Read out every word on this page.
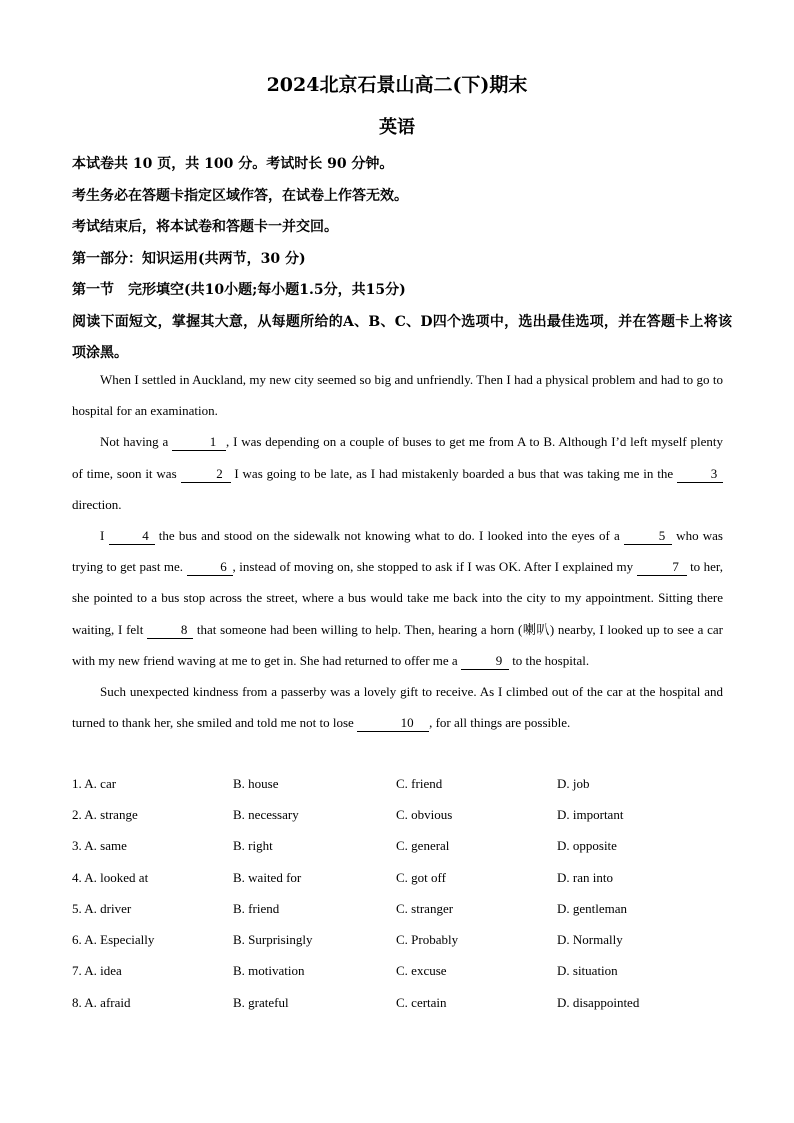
2024北京石景山高二(下)期末
英语

本试卷共 10 页，共 100 分。考试时长 90 分钟。

考生务必在答题卡指定区域作答，在试卷上作答无效。

考试结束后，将本试卷和答题卡一并交回。

第一部分：知识运用(共两节，30 分)

第一节　完形填空(共10小题;每小题1.5分，共15分)

阅读下面短文，掌握其大意，从每题所给的A、B、C、D四个选项中，选出最佳选项，并在答题卡上将该项涂黑。

When I settled in Auckland, my new city seemed so big and unfriendly. Then I had a physical problem and had to go to hospital for an examination.

Not having a	1 , I was depending on a couple of buses to get me from A to B. Although I’d left myself plenty of time, soon it was	2 I was going to be late, as I had mistakenly boarded a bus that was taking me in the	3 direction.

I	4 the bus and stood on the sidewalk not knowing what to do. I looked into the eyes of a	5 who was trying to get past me.	6 , instead of moving on, she stopped to ask if I was OK. After I explained my	7 to her, she pointed to a bus stop across the street, where a bus would take me back into the city to my appointment. Sitting there waiting, I felt	8 that someone had been willing to help. Then, hearing a horn (喇叭) nearby, I looked up to see a car with my new friend waving at me to get in. She had returned to offer me a	9 to the hospital.

Such unexpected kindness from a passerby was a lovely gift to receive. As I climbed out of the car at the hospital and turned to thank her, she smiled and told me not to lose	10 , for all things are possible.

1. A. car	B. house	C. friend	D. job
2. A. strange	B. necessary	C. obvious	D. important
3. A. same	B. right	C. general	D. opposite
4. A. looked at	B. waited for	C. got off	D. ran into
5. A. driver	B. friend	C. stranger	D. gentleman
6. A. Especially	B. Surprisingly	C. Probably	D. Normally
7. A. idea	B. motivation	C. excuse	D. situation
8. A. afraid	B. grateful	C. certain	D. disappointed
